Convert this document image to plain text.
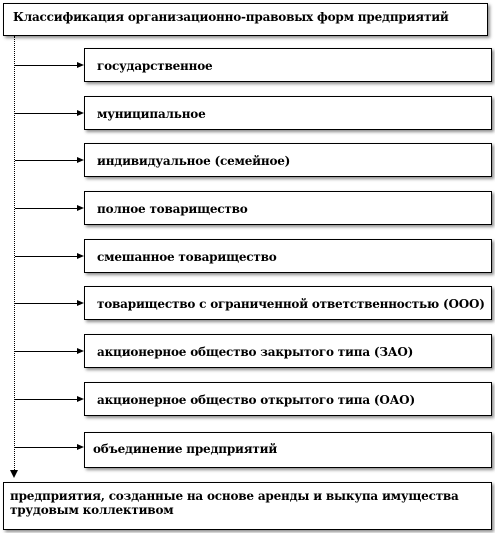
Классификация организационно-правовых форм предприятий
государственное
муниципальное
индивидуальное (семейное)
полное товарищество
смешанное товарищество
товарищество с ограниченной ответственностью (ООО)
акционерное общество закрытого типа (ЗАО)
акционерное общество открытого типа (ОАО)
объединение предприятий
предприятия, созданные на основе аренды и выкупа имущества
трудовым коллективом
